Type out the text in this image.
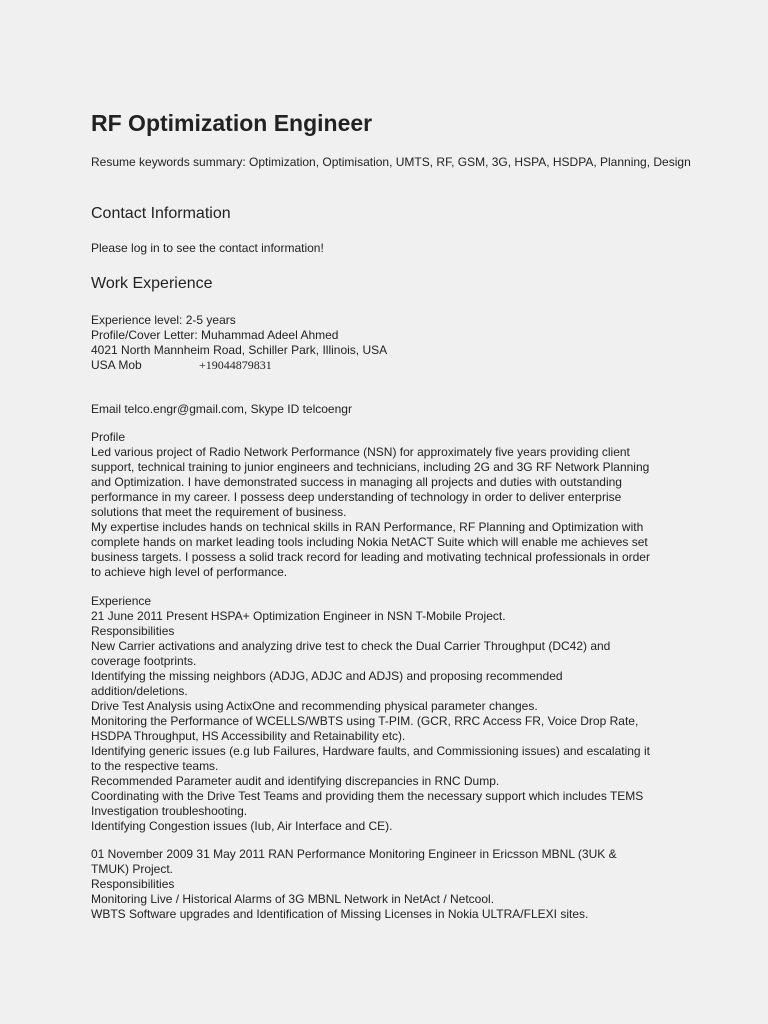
RF Optimization Engineer

Resume keywords summary: Optimization, Optimisation, UMTS, RF, GSM, 3G, HSPA, HSDPA, Planning, Design

Contact Information

Please log in to see the contact information!

Work Experience
Experience level: 2-5 years
Profile/Cover Letter: Muhammad Adeel Ahmed
4021 North Mannheim Road, Schiller Park, Illinois, USA
USA Mob	+19044879831

Email telco.engr@gmail.com, Skype ID telcoengr

Profile
Led various project of Radio Network Performance (NSN) for approximately five years providing client
support, technical training to junior engineers and technicians, including 2G and 3G RF Network Planning
and Optimization. I have demonstrated success in managing all projects and duties with outstanding
performance in my career. I possess deep understanding of technology in order to deliver enterprise
solutions that meet the requirement of business.
My expertise includes hands on technical skills in RAN Performance, RF Planning and Optimization with
complete hands on market leading tools including Nokia NetACT Suite which will enable me achieves set
business targets. I possess a solid track record for leading and motivating technical professionals in order
to achieve high level of performance.
Experience
21 June 2011 Present HSPA+ Optimization Engineer in NSN T-Mobile Project.
Responsibilities
New Carrier activations and analyzing drive test to check the Dual Carrier Throughput (DC42) and
coverage footprints.
Identifying the missing neighbors (ADJG, ADJC and ADJS) and proposing recommended
addition/deletions.
Drive Test Analysis using ActixOne and recommending physical parameter changes.
Monitoring the Performance of WCELLS/WBTS using T-PIM. (GCR, RRC Access FR, Voice Drop Rate,
HSDPA Throughput, HS Accessibility and Retainability etc).
Identifying generic issues (e.g Iub Failures, Hardware faults, and Commissioning issues) and escalating it
to the respective teams.
Recommended Parameter audit and identifying discrepancies in RNC Dump.
Coordinating with the Drive Test Teams and providing them the necessary support which includes TEMS
Investigation troubleshooting.
Identifying Congestion issues (Iub, Air Interface and CE).
01 November 2009 31 May 2011 RAN Performance Monitoring Engineer in Ericsson MBNL (3UK &
TMUK) Project.
Responsibilities
Monitoring Live / Historical Alarms of 3G MBNL Network in NetAct / Netcool.
WBTS Software upgrades and Identification of Missing Licenses in Nokia ULTRA/FLEXI sites.
